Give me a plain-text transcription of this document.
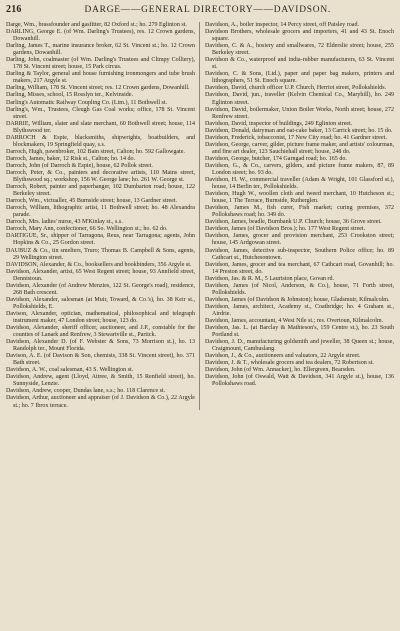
216	DARGE——GENERAL DIRECTORY——DAVIDSON.

Darge, Wm., brassfounder and gasfitter, 82 Oxford st.; ho. 279 Eglinton st.

DARLING, George E. (of Wm. Darling's Trustees), res. 12 Crown gardens, Dowanhill.

Darling, James T., marine insurance broker, 62 St. Vincent st.; ho. 12 Crown gardens, Dowanhill.

Darling, John, coalmaster (of Wm. Darling's Trustees and Climpy Colliery), 178 St. Vincent street; house, 15 Park circus.

Darling & Taylor, general and house furnishing ironmongers and tube brush makers, 217 Argyle st.

Darling, William, 178 St. Vincent street; res. 12 Crown gardens, Dowanhill.

Darling, Misses, school, 15 Rosslyn ter., Kelvinside.

Darling's Automatic Railway Coupling Co. (Lim.), 11 Bothwell st.

Darling's, Wm., Trustees, Cleugh Gas Coal works; office, 178 St. Vincent street.

DARRIE, William, slater and slate merchant, 60 Bothwell street; house, 114 Blythswood ter.

DARROCH & Espie, blacksmiths, shipwrights, boatbuilders, and blockmakers, 19 Springfield quay, s.s.

Darroch, Hugh, pawnbroker, 102 Bain street, Calton; ho. 592 Gallowgate.

Darroch, James, baker, 12 Risk st., Calton; ho. 14 do.

Darroch, John (of Darroch & Espie), house, 62 Pollok street.

Darroch, Peter, & Co., painters and decorative artists, 110 Mains street, Blythswood sq.; workshop, 156 W. George lane; ho. 261 W. George st.

Darroch, Robert, painter and paperhanger, 102 Dumbarton road; house, 122 Berkeley street.

Darroch, Wm., victualler, 45 Burnside street; house, 13 Gardner street.

Darroch, William, lithographic artist, 11 Bothwell street; ho. 48 Alexandra parade.

Darroch, Mrs. ladies' nurse, 43 M'Kinlay st., s.s.

Darroch, Mary Ann, confectioner, 66 So. Wellington st.; ho. 62 do.

DARTIGUE, Sr., shipper of Tarragona, Reus, near Tarragona; agents, John Hopkins & Co., 25 Gordon street.

DAUBUZ & Co., tin smelters, Truro; Thomas B. Campbell & Sons, agents, 29 Wellington street.

DAVIDSON, Alexander, & Co., booksellers and bookbinders, 356 Argyle st.

Davidson, Alexander, artist, 65 West Regent street; house, 93 Annfield street, Dennistoun.

Davidson, Alexander (of Andrew Menzies, 122 St. George's road), residence, 268 Bath crescent.

Davidson, Alexander, salesman (at Muir, Toward, & Co.'s), ho. 38 Keir st., Pollokshields, E.

Davison, Alexander, optician, mathematical, philosophical and telegraph instrument maker, 47 London street; house, 123 do.

Davidson, Alexander, sheriff officer, auctioneer, and J.P., constable for the counties of Lanark and Renfrew, 3 Stewartville st., Partick.

Davidson, Alexander D. (of F. Webster & Sons, 73 Morrison st.), ho. 13 Randolph ter., Mount Florida.

Davison, A. E. (of Davison & Son, chemists, 338 St. Vincent street), ho. 371 Bath street.

Davidson, A. W., coal salesman, 43 S. Wellington st.

Davidson, Andrew, agent (Lloyd, Attree, & Smith, 15 Renfield street), ho. Sunnyside, Lenzie.

Davidson, Andrew, cooper, Dundas lane, s.s.; ho. 118 Clarence st.

Davidson, Arthur, auctioneer and appraiser (of J. Davidson & Co.), 22 Argyle st.; ho. 7 Ibrox terrace.

Davidson, A., boiler inspector, 14 Percy street, off Paisley road.

Davidson Brothers, wholesale grocers and importers, 41 and 43 St. Enoch square.

Davidson, C. & A., hosiery and smallwares, 72 Elderslie street; house, 255 Berkeley street.

Davidson & Co., waterproof and india-rubber manufacturers, 63 St. Vincent st.

Davidson, C. & Sons, (Ltd.), paper and paper bag makers, printers and lithographers, 51 St. Enoch square.

Davidson, David, church officer U.P. Church, Herriot street, Pollokshields.

Davidson, David, jun., traveller (Kelvin Chemical Co., Maryhill), ho. 249 Eglinton street.

Davidson, David, boilermaker, Union Boiler Works, North street; house, 272 Renfrew street.

Davidson, David, inspector of buildings, 249 Eglinton street.

Davidson, Donald, dairyman and oat-cake baker, 13 Carrick street; ho. 15 do.

Davidson, Frederick, tobacconist, 17 New City road; ho. 41 Gardner street.

Davidson, George, carver, gilder, picture frame maker, and artists' colourman, and fine art dealer, 123 Sauchiehall street; house, 248 do.

Davidson, George, butcher, 174 Garngad road; ho. 165 do.

Davidson, G., & Co., carvers, gilders, and picture frame makers, 87, 89 London street; ho. 93 do.

Davidson, H. W., commercial traveller (Adam & Wright, 101 Glassford st.), house, 14 Berlin ter., Pollokshields.

Davidson, Hugh W., woollen cloth and tweed merchant, 10 Hutcheson st.; house, 1 The Terrace, Burnside, Rutherglen.

Davidson, James M., fish curer, Fish market; curing premises, 372 Pollokshaws road; ho. 349 do.

Davidson, James, beadle, Burnbank U.P. Church; house, 36 Grove street.

Davidson, James (of Davidson Bros.); ho. 177 West Regent street.

Davidson, James, grocer and provision merchant, 253 Crookston street; house, 145 Ardgowan street.

Davidson, James, detective sub-inspector, Southern Police office; ho. 89 Cathcart st., Hutchesontown.

Davidson, James, grocer and tea merchant, 67 Cathcart road, Govanhill; ho. 14 Preston street, do.

Davidson, Jas. & R. M., 5 Lauriston place, Govan rd.

Davidson, James (of Nicol, Anderson, & Co.), house, 71 Forth street, Pollokshields.

Davidson, James (of Davidson & Johnston); house, Gladsmuir, Kilmalcolm.

Davidson, James, architect, Academy st., Coatbridge; ho. 4 Graham st., Airdrie.

Davidson, James, accountant, 4 West Nile st.; res. Overtoun, Kilmalcolm.

Davidson, Jas. L. (at Barclay & Mathieson's, 159 Centre st.), ho. 23 South Portland st.

Davidson, J. D., manufacturing goldsmith and jeweller, 38 Queen st.; house, Craigmount, Cambuslang.

Davidson, J., & Co., auctioneers and valuators, 22 Argyle street.

Davidson, J. & T., wholesale grocers and tea dealers, 72 Robertson st.

Davidson, John (of Wm. Annacker), ho. Ellergreen, Bearsden.

Davidson, John (of Oswald, Watt & Davidson, 341 Argyle st.), house, 136 Pollokshaws road.
